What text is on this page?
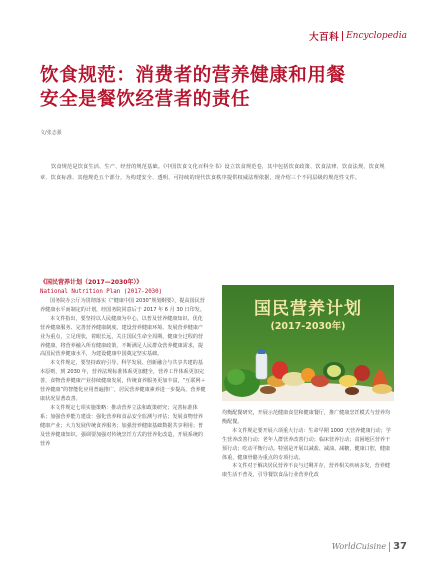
大百科 Encyclopedia
饮食规范：消费者的营养健康和用餐
安全是餐饮经营者的责任
文/张志强

饮食规范是饮食生活、生产、经营的规范基础。《中国饮食文化百科全书》设立饮食规范卷，其中包括饮食政策、饮食法律、饮食法规、饮食规章、饮食标准、其他规范五个部分，为构建安全、透明、可持续的现代饮食秩序提供权威法理依据，现介绍三个不同层级的规范性文件。

《国民营养计划（2017—2030年）》
National Nutrition Plan (2017-2030)

国务院办公厅为贯彻落实《“健康中国 2030”规划纲要》，提高国民营养健康水平而制定的计划，经国务院同意后于 2017 年 6 月 30 日印发。

本文件指出，要坚持以人民健康为中心，以普及营养健康知识、优化营养健康服务、完善营养健康制度、建设营养健康环境、发展营养健康产业为重点，立足现状，着眼长远，关注国民生命全周期、健康全过程的营养健康，将营养融入所有健康政策，不断满足人民群众营养健康需求，提高国民营养健康水平，为建设健康中国奠定坚实基础。

本文件规定，要坚持政府引导、科学发展、创新融合与共享共建的基本原则，到 2030 年，营养法规标准体系更加健全，营养工作体系更加完善，食物营养健康产业持续健康发展，传统食养服务更加丰富，“互联网＋营养健康”的智能化应用普遍推广，居民营养健康素养进一步提高，营养健康状况显著改善。

本文件规定七项实施策略：推动营养立法和政策研究；完善标准体系；加强营养能力建设：强化营养和食品安全监测与评估；发展食物营养健康产业；大力发展传统食养服务；加强营养健康基础数据共享利用；普及营养健康知识。强调要加强对传统烹饪方式的营养化改造，开展系统的营养

国民营养计划
(2017-2030年)

均衡配餐研究，开展示范健康食堂和健康餐厅，推广健康烹饪模式与营养均衡配餐。

本文件规定要开展六项重大行动：生命早期 1000 天营养健康行动；学生营养改善行动；老年人群营养改善行动；临床营养行动；贫困地区营养干预行动；吃动平衡行动。特别是开展以减盐、减油、减糖，健康口腔，健康体重，健康骨骼为重点的专项行动。

本文件对于解决居民营养不良与过剩并存，营养相关疾病多发，营养健康生活不普及，引导餐饮食品行业营养化改

WorldCuisine 37
